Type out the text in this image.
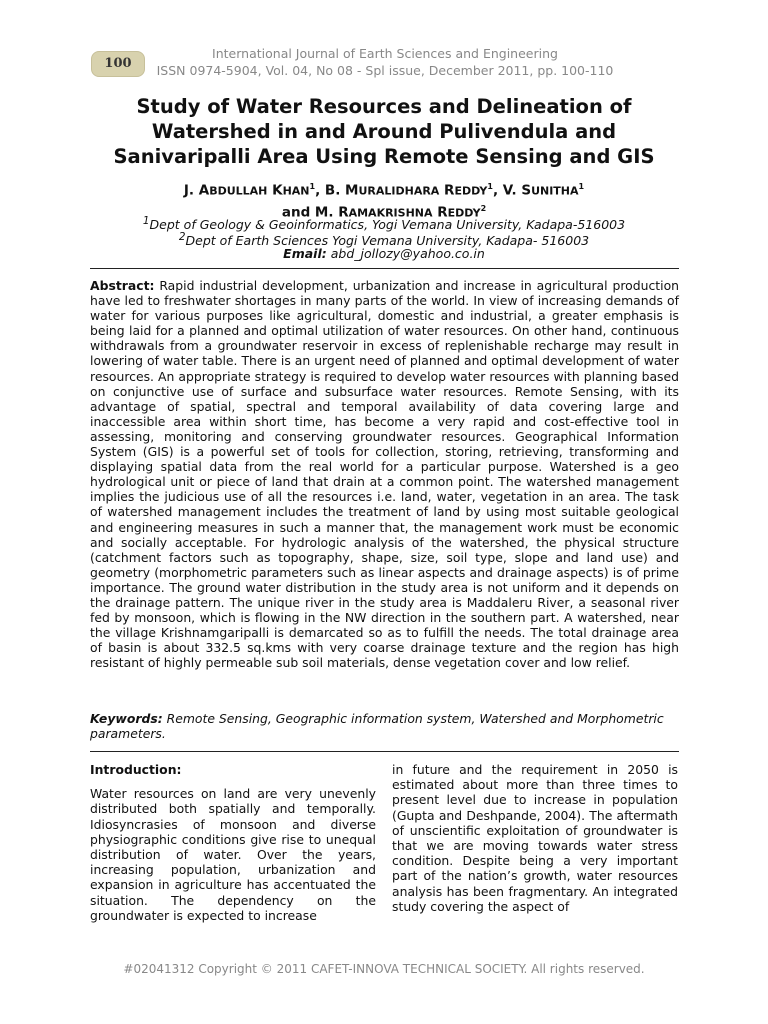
100
International Journal of Earth Sciences and Engineering
ISSN 0974-5904, Vol. 04, No 08 - Spl issue, December 2011, pp. 100-110
Study of Water Resources and Delineation of
Watershed in and Around Pulivendula and
Sanivaripalli Area Using Remote Sensing and GIS
J. ABDULLAH KHAN$^1$, B. MURALIDHARA REDDY$^1$, V. SUNITHA$^1$
and M. RAMAKRISHNA REDDY$^2$
$^1$Dept of Geology & Geoinformatics, Yogi Vemana University, Kadapa-516003
$^2$Dept of Earth Sciences Yogi Vemana University, Kadapa- 516003
Email: abd_jollozy@yahoo.co.in
Abstract: Rapid industrial development, urbanization and increase in agricultural production have led to freshwater shortages in many parts of the world. In view of increasing demands of water for various purposes like agricultural, domestic and industrial, a greater emphasis is being laid for a planned and optimal utilization of water resources. On other hand, continuous withdrawals from a groundwater reservoir in excess of replenishable recharge may result in lowering of water table. There is an urgent need of planned and optimal development of water resources. An appropriate strategy is required to develop water resources with planning based on conjunctive use of surface and subsurface water resources. Remote Sensing, with its advantage of spatial, spectral and temporal availability of data covering large and inaccessible area within short time, has become a very rapid and cost-effective tool in assessing, monitoring and conserving groundwater resources. Geographical Information System (GIS) is a powerful set of tools for collection, storing, retrieving, transforming and displaying spatial data from the real world for a particular purpose. Watershed is a geo hydrological unit or piece of land that drain at a common point. The watershed management implies the judicious use of all the resources i.e. land, water, vegetation in an area. The task of watershed management includes the treatment of land by using most suitable geological and engineering measures in such a manner that, the management work must be economic and socially acceptable. For hydrologic analysis of the watershed, the physical structure (catchment factors such as topography, shape, size, soil type, slope and land use) and geometry (morphometric parameters such as linear aspects and drainage aspects) is of prime importance. The ground water distribution in the study area is not uniform and it depends on the drainage pattern. The unique river in the study area is Maddaleru River, a seasonal river fed by monsoon, which is flowing in the NW direction in the southern part. A watershed, near the village Krishnamgaripalli is demarcated so as to fulfill the needs. The total drainage area of basin is about 332.5 sq.kms with very coarse drainage texture and the region has high resistant of highly permeable sub soil materials, dense vegetation cover and low relief.
Keywords: Remote Sensing, Geographic information system, Watershed and Morphometric parameters.
Introduction:
Water resources on land are very unevenly distributed both spatially and temporally. Idiosyncrasies of monsoon and diverse physiographic conditions give rise to unequal distribution of water. Over the years, increasing population, urbanization and expansion in agriculture has accentuated the situation. The dependency on the groundwater is expected to increase
in future and the requirement in 2050 is estimated about more than three times to present level due to increase in population (Gupta and Deshpande, 2004). The aftermath of unscientific exploitation of groundwater is that we are moving towards water stress condition. Despite being a very important part of the nation’s growth, water resources analysis has been fragmentary. An integrated study covering the aspect of
#02041312 Copyright © 2011 CAFET-INNOVA TECHNICAL SOCIETY. All rights reserved.
